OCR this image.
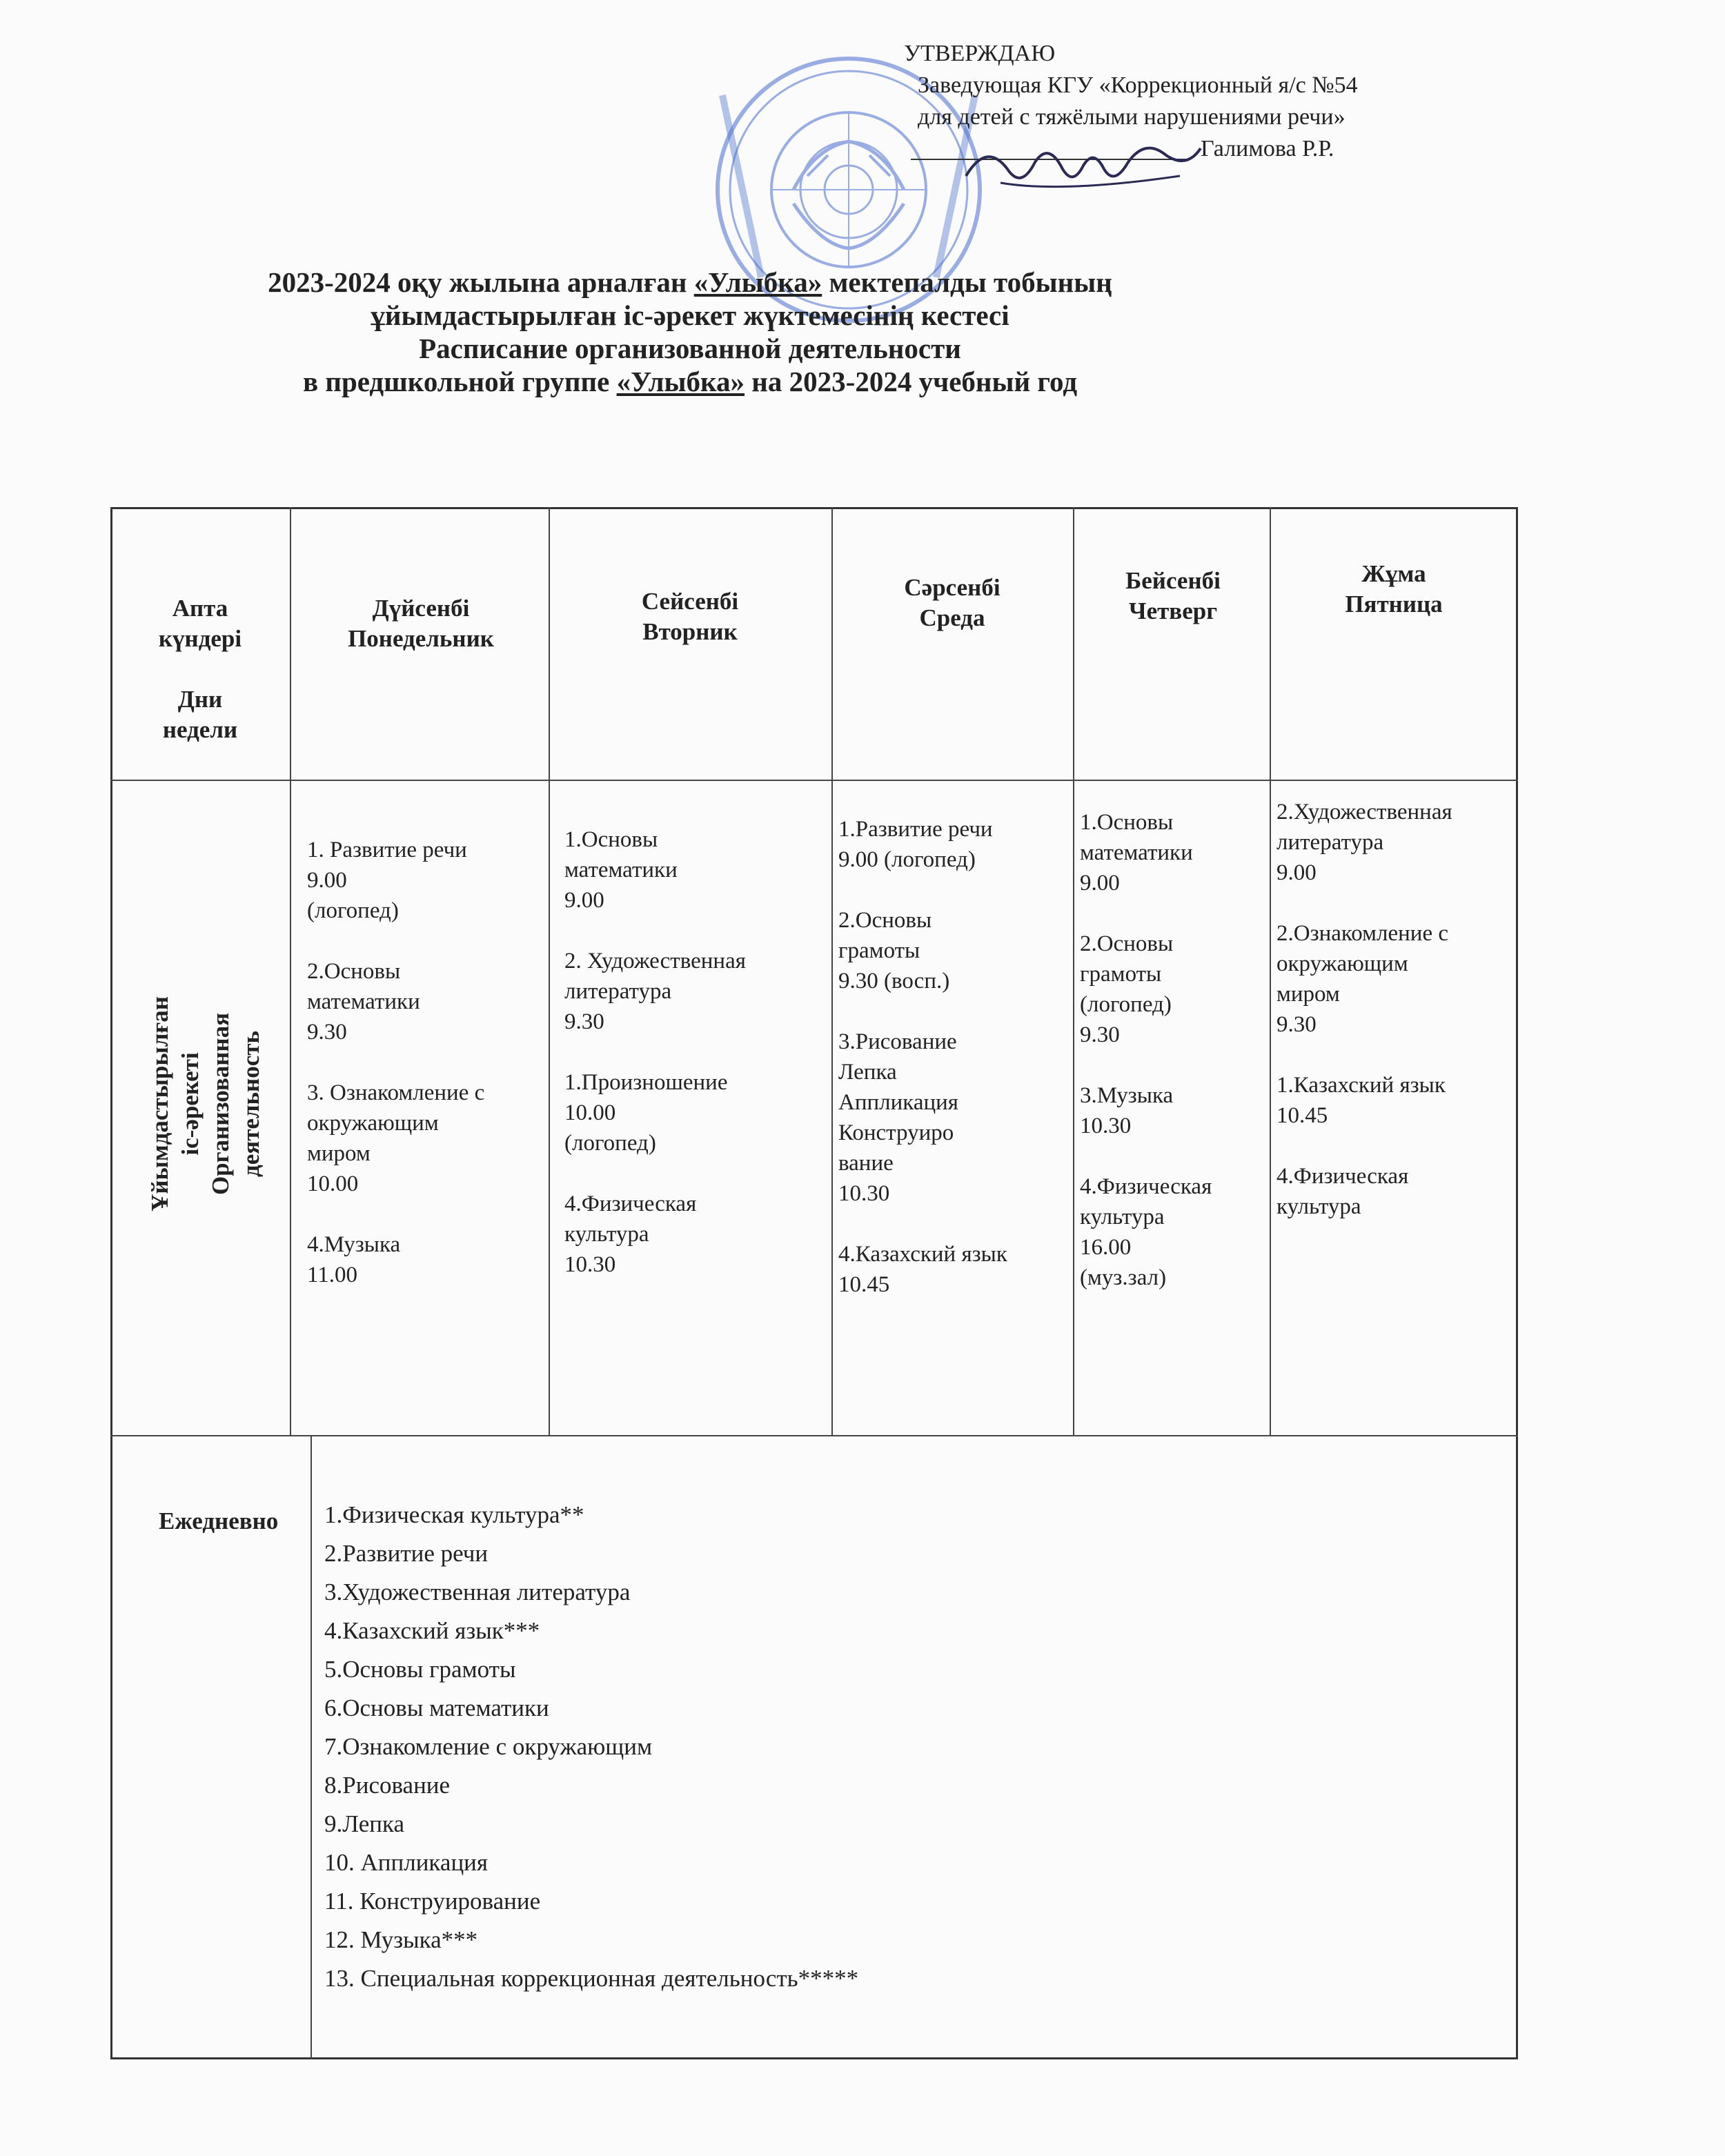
УТВЕРЖДАЮ
Заведующая КГУ «Коррекционный я/с №54
для детей с тяжёлыми нарушениями речи»
Галимова Р.Р.
2023-2024 оқу жылына арналған «Улыбка» мектепалды тобының
ұйымдастырылған іс-әрекет жүктемесінің кестесі
Расписание организованной деятельности
в предшкольной группе «Улыбка» на 2023-2024 учебный год
Апта
күндері

Дни
недели
Дүйсенбі
Понедельник
Сейсенбі
Вторник
Сәрсенбі
Среда
Бейсенбі
Четверг
Жұма
Пятница
Ұйымдастырылған
іс-әрекеті
Организованная
деятельность

1. Развитие речи
9.00
(логопед)

2.Основы
математики
9.30

3. Ознакомление с
окружающим
миром
10.00

4.Музыка
11.00

1.Основы
математики
9.00

2. Художественная
литература
9.30

1.Произношение
10.00
(логопед)

4.Физическая
культура
10.30

1.Развитие речи
9.00 (логопед)

2.Основы
грамоты
9.30 (восп.)

3.Рисование
Лепка
Аппликация
Конструиро
вание
10.30

4.Казахский язык
10.45

1.Основы
математики
9.00

2.Основы
грамоты
(логопед)
9.30

3.Музыка
10.30

4.Физическая
культура
16.00
(муз.зал)

2.Художественная
литература
9.00

2.Ознакомление с
окружающим
миром
9.30

1.Казахский язык
10.45

4.Физическая
культура

Ежедневно 1.Физическая культура**
2.Развитие речи
3.Художественная литература
4.Казахский язык***
5.Основы грамоты
6.Основы математики
7.Ознакомление с окружающим
8.Рисование
9.Лепка
10. Аппликация
11. Конструирование
12. Музыка***
13. Специальная коррекционная деятельность*****
